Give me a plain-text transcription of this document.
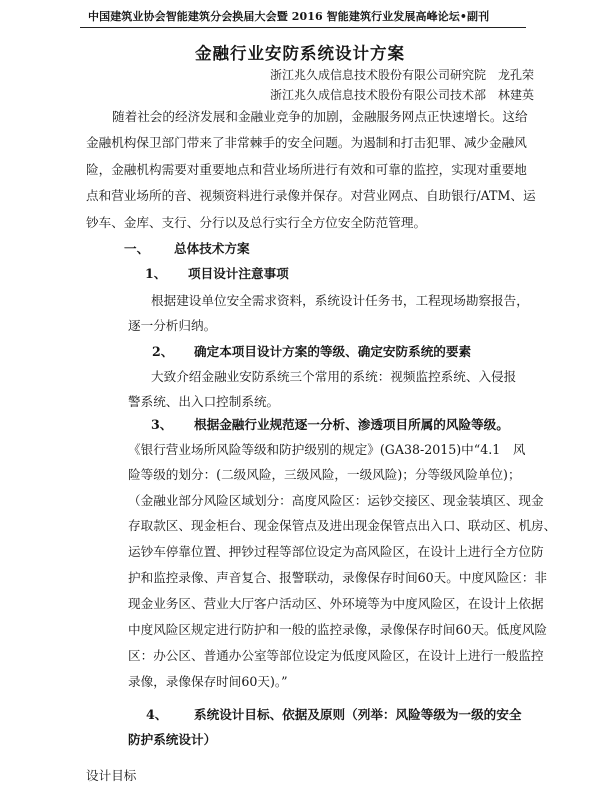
中国建筑业协会智能建筑分会换届大会暨 2016 智能建筑行业发展高峰论坛•副刊
金融行业安防系统设计方案
浙江兆久成信息技术股份有限公司研究院　龙孔荣
浙江兆久成信息技术股份有限公司技术部　林建英
随着社会的经济发展和金融业竞争的加剧，金融服务网点正快速增长。这给
金融机构保卫部门带来了非常棘手的安全问题。为遏制和打击犯罪、减少金融风
险，金融机构需要对重要地点和营业场所进行有效和可靠的监控，实现对重要地
点和营业场所的音、视频资料进行录像并保存。对营业网点、自助银行/ATM、运
钞车、金库、支行、分行以及总行实行全方位安全防范管理。
一、 总体技术方案
1、 项目设计注意事项
根据建设单位安全需求资料，系统设计任务书，工程现场勘察报告，
逐一分析归纳。
2、 确定本项目设计方案的等级、确定安防系统的要素
大致介绍金融业安防系统三个常用的系统：视频监控系统、入侵报
警系统、出入口控制系统。
3、 根据金融行业规范逐一分析、渗透项目所属的风险等级。
《银行营业场所风险等级和防护级别的规定》(GA38-2015)中“4.1　风
险等级的划分：(二级风险，三级风险，一级风险)；分等级风险单位)；
（金融业部分风险区域划分：高度风险区：运钞交接区、现金装填区、现金
存取款区、现金柜台、现金保管点及进出现金保管点出入口、联动区、机房、
运钞车停靠位置、押钞过程等部位设定为高风险区，在设计上进行全方位防
护和监控录像、声音复合、报警联动，录像保存时间60天。中度风险区：非
现金业务区、营业大厅客户活动区、外环境等为中度风险区，在设计上依据
中度风险区规定进行防护和一般的监控录像，录像保存时间60天。低度风险
区：办公区、普通办公室等部位设定为低度风险区，在设计上进行一般监控
录像，录像保存时间60天)。”
4、 系统设计目标、依据及原则（列举：风险等级为一级的安全
防护系统设计）
设计目标
